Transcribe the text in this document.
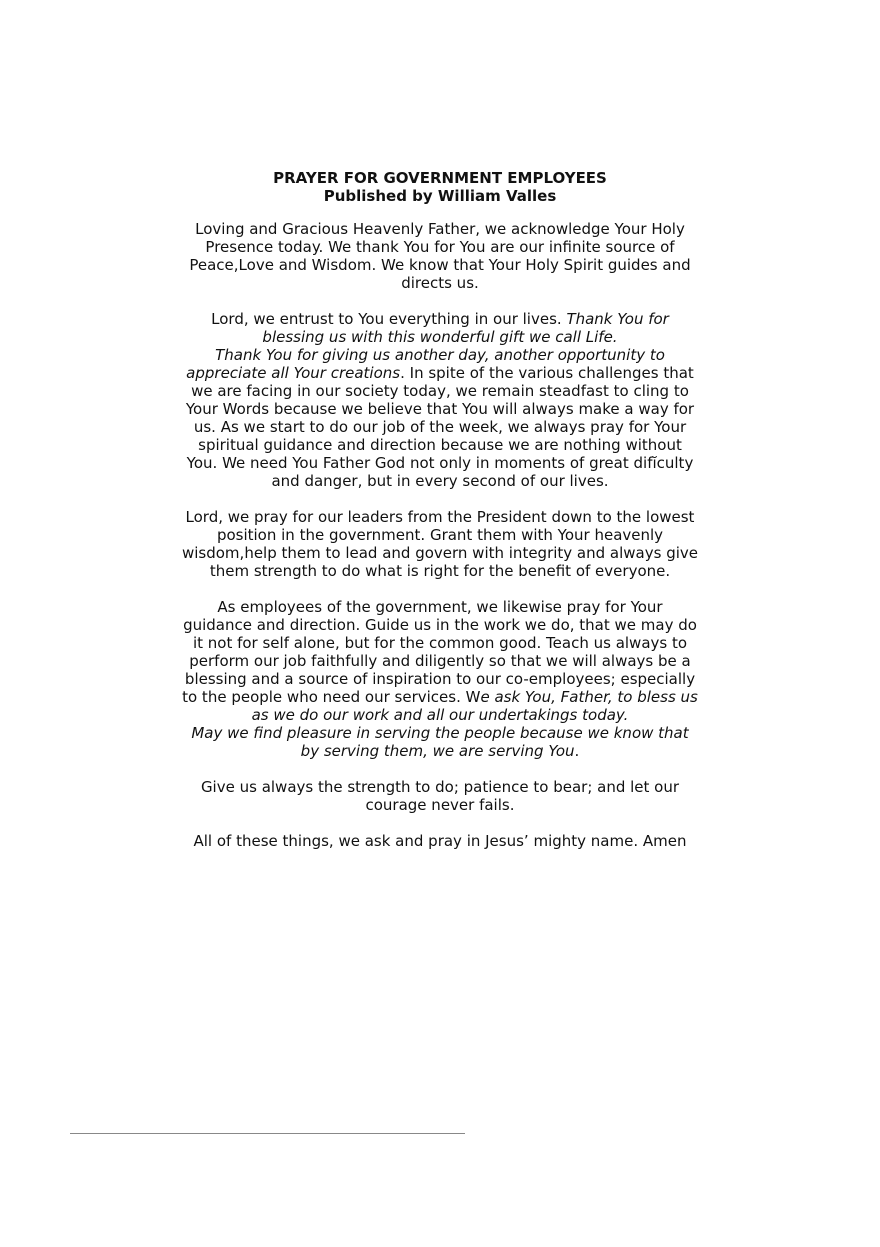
PRAYER FOR GOVERNMENT EMPLOYEES
Published by William Valles
Loving and Gracious Heavenly Father, we acknowledge Your Holy
Presence today. We thank You for You are our infinite source of
Peace,Love and Wisdom. We know that Your Holy Spirit guides and
directs us.
Lord, we entrust to You everything in our lives. Thank You for
blessing us with this wonderful gift we call Life.
Thank You for giving us another day, another opportunity to
appreciate all Your creations. In spite of the various challenges that
we are facing in our society today, we remain steadfast to cling to
Your Words because we believe that You will always make a way for
us. As we start to do our job of the week, we always pray for Your
spiritual guidance and direction because we are nothing without
You. We need You Father God not only in moments of great difĭculty
and danger, but in every second of our lives.
Lord, we pray for our leaders from the President down to the lowest
position in the government. Grant them with Your heavenly
wisdom,help them to lead and govern with integrity and always give
them strength to do what is right for the benefit of everyone.
As employees of the government, we likewise pray for Your
guidance and direction. Guide us in the work we do, that we may do
it not for self alone, but for the common good. Teach us always to
perform our job faithfully and diligently so that we will always be a
blessing and a source of inspiration to our co-employees; especially
to the people who need our services. We ask You, Father, to bless us
as we do our work and all our undertakings today.
May we find pleasure in serving the people because we know that
by serving them, we are serving You.
Give us always the strength to do; patience to bear; and let our
courage never fails.
All of these things, we ask and pray in Jesus’ mighty name. Amen
